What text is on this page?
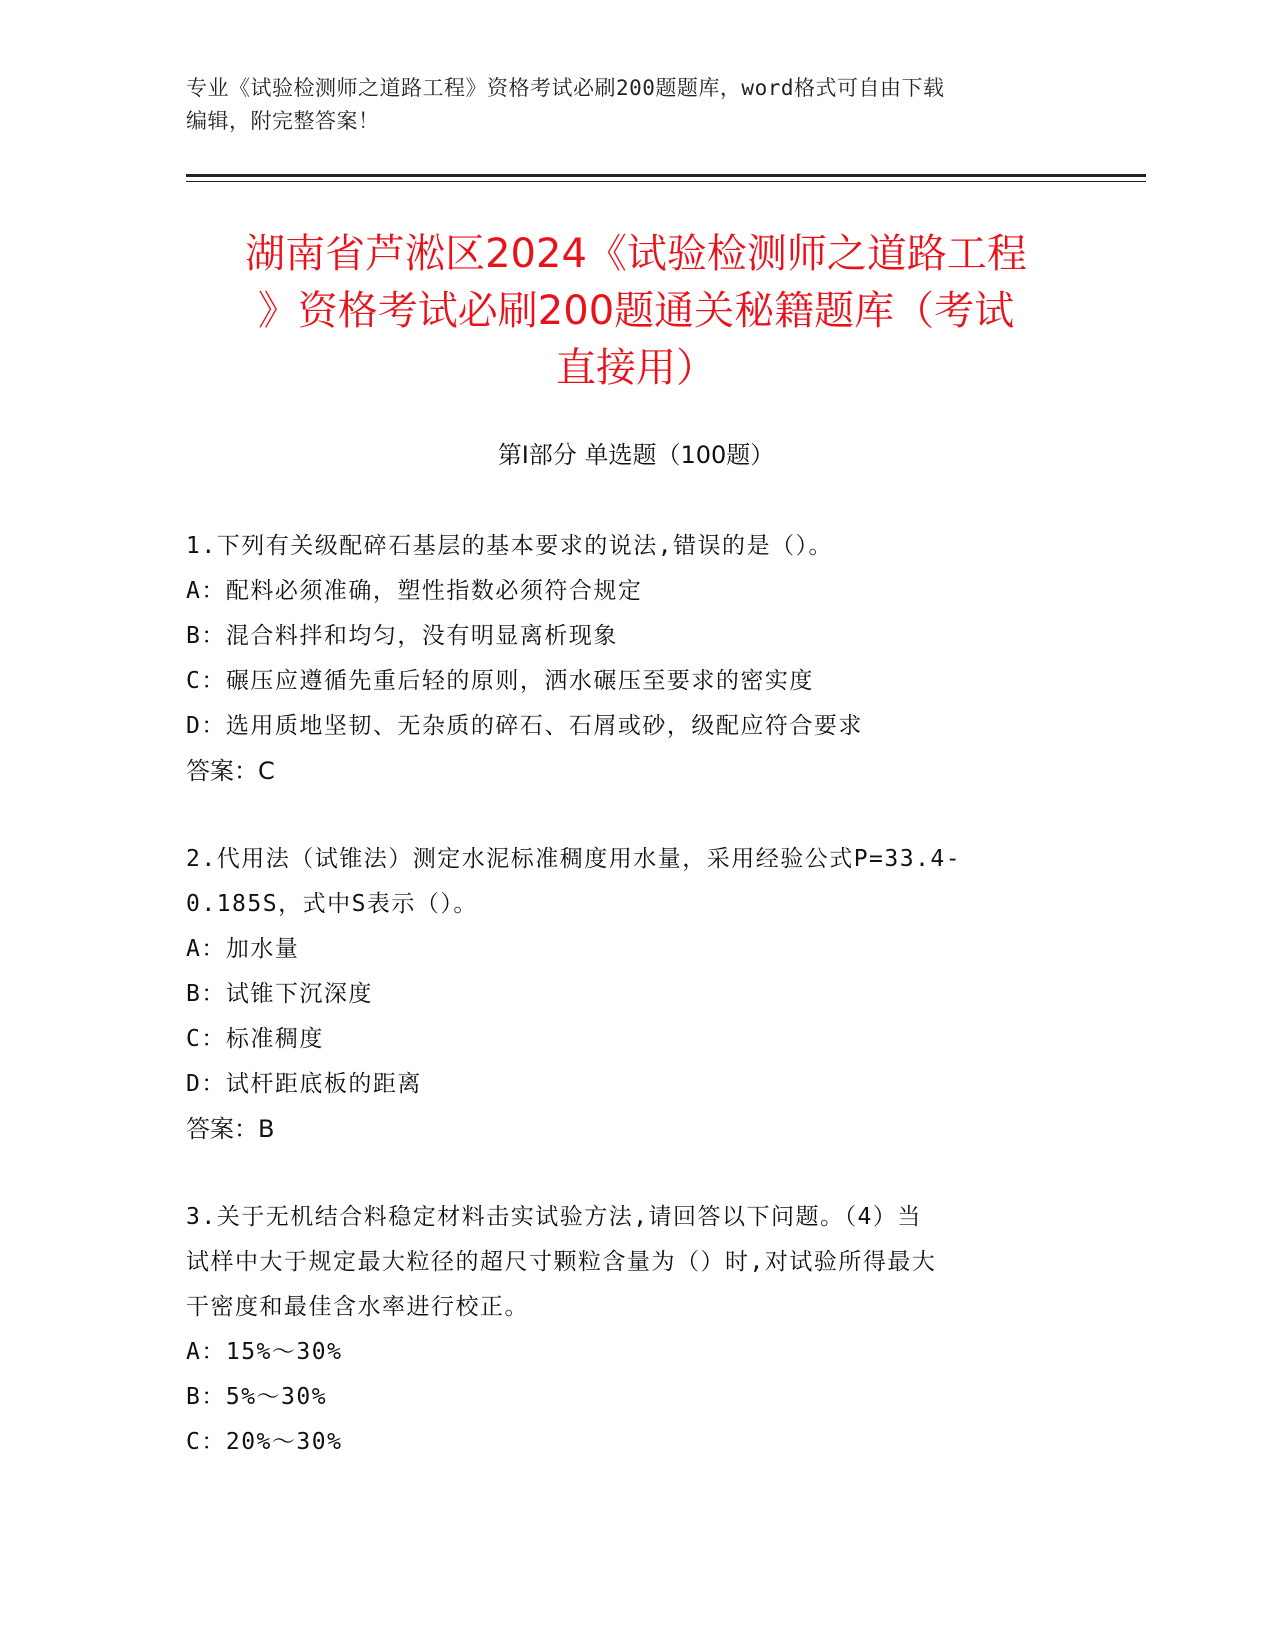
专业《试验检测师之道路工程》资格考试必刷200题题库，word格式可自由下载
编辑，附完整答案！
湖南省芦淞区2024《试验检测师之道路工程
》资格考试必刷200题通关秘籍题库（考试
直接用）
第Ⅰ部分 单选题（100题）

1.下列有关级配碎石基层的基本要求的说法,错误的是（）。

A：配料必须准确，塑性指数必须符合规定

B：混合料拌和均匀，没有明显离析现象

C：碾压应遵循先重后轻的原则，洒水碾压至要求的密实度

D：选用质地坚韧、无杂质的碎石、石屑或砂，级配应符合要求

答案：C

2.代用法（试锥法）测定水泥标准稠度用水量，采用经验公式P=33.4-

0.185S，式中S表示（）。

A：加水量

B：试锥下沉深度

C：标准稠度

D：试杆距底板的距离

答案：B

3.关于无机结合料稳定材料击实试验方法,请回答以下问题。（4）当

试样中大于规定最大粒径的超尺寸颗粒含量为（）时,对试验所得最大

干密度和最佳含水率进行校正。

A：15%～30%

B：5%～30%

C：20%～30%
